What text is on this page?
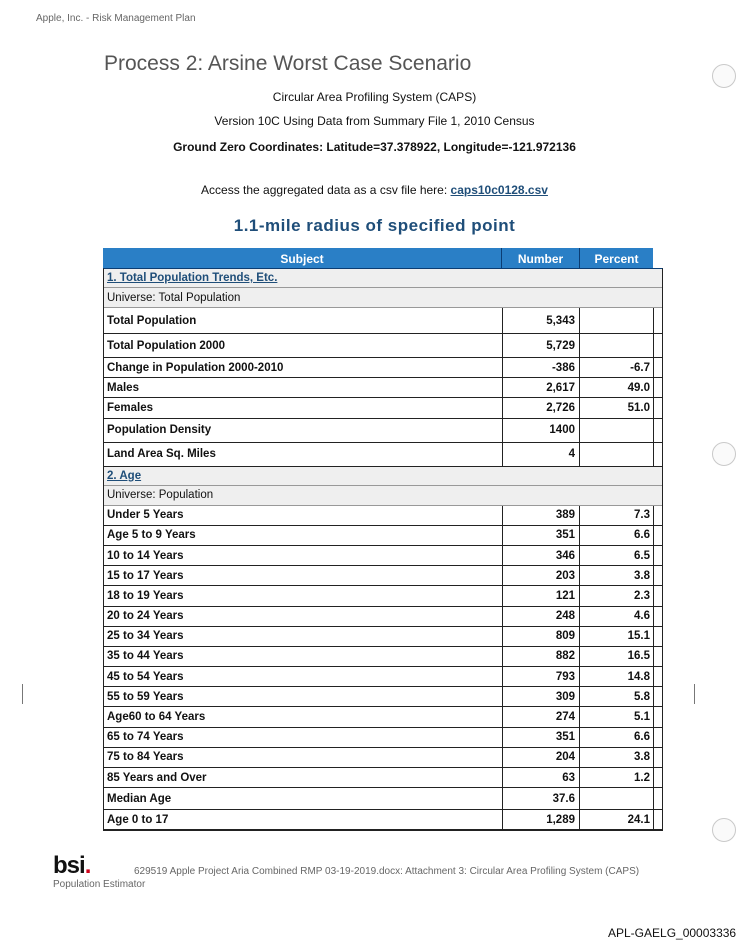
Apple, Inc. - Risk Management Plan
Process 2: Arsine Worst Case Scenario
Circular Area Profiling System (CAPS)
Version 10C Using Data from Summary File 1, 2010 Census
Ground Zero Coordinates: Latitude=37.378922, Longitude=-121.972136
Access the aggregated data as a csv file here: caps10c0128.csv
1.1-mile radius of specified point
Subject	Number	Percent
1. Total Population Trends, Etc.
Universe: Total Population
Total Population	5,343
Total Population 2000	5,729
Change in Population 2000-2010	-386	-6.7
Males	2,617	49.0
Females	2,726	51.0
Population Density	1400
Land Area Sq. Miles	4
2. Age
Universe: Population
Under 5 Years	389	7.3
Age 5 to 9 Years	351	6.6
10 to 14 Years	346	6.5
15 to 17 Years	203	3.8
18 to 19 Years	121	2.3
20 to 24 Years	248	4.6
25 to 34 Years	809	15.1
35 to 44 Years	882	16.5
45 to 54 Years	793	14.8
55 to 59 Years	309	5.8
Age60 to 64 Years	274	5.1
65 to 74 Years	351	6.6
75 to 84 Years	204	3.8
85 Years and Over	63	1.2
Median Age	37.6
Age 0 to 17	1,289	24.1
bsi.
Population Estimator
629519 Apple Project Aria Combined RMP 03-19-2019.docx: Attachment 3: Circular Area Profiling System (CAPS)
APL-GAELG_00003336
